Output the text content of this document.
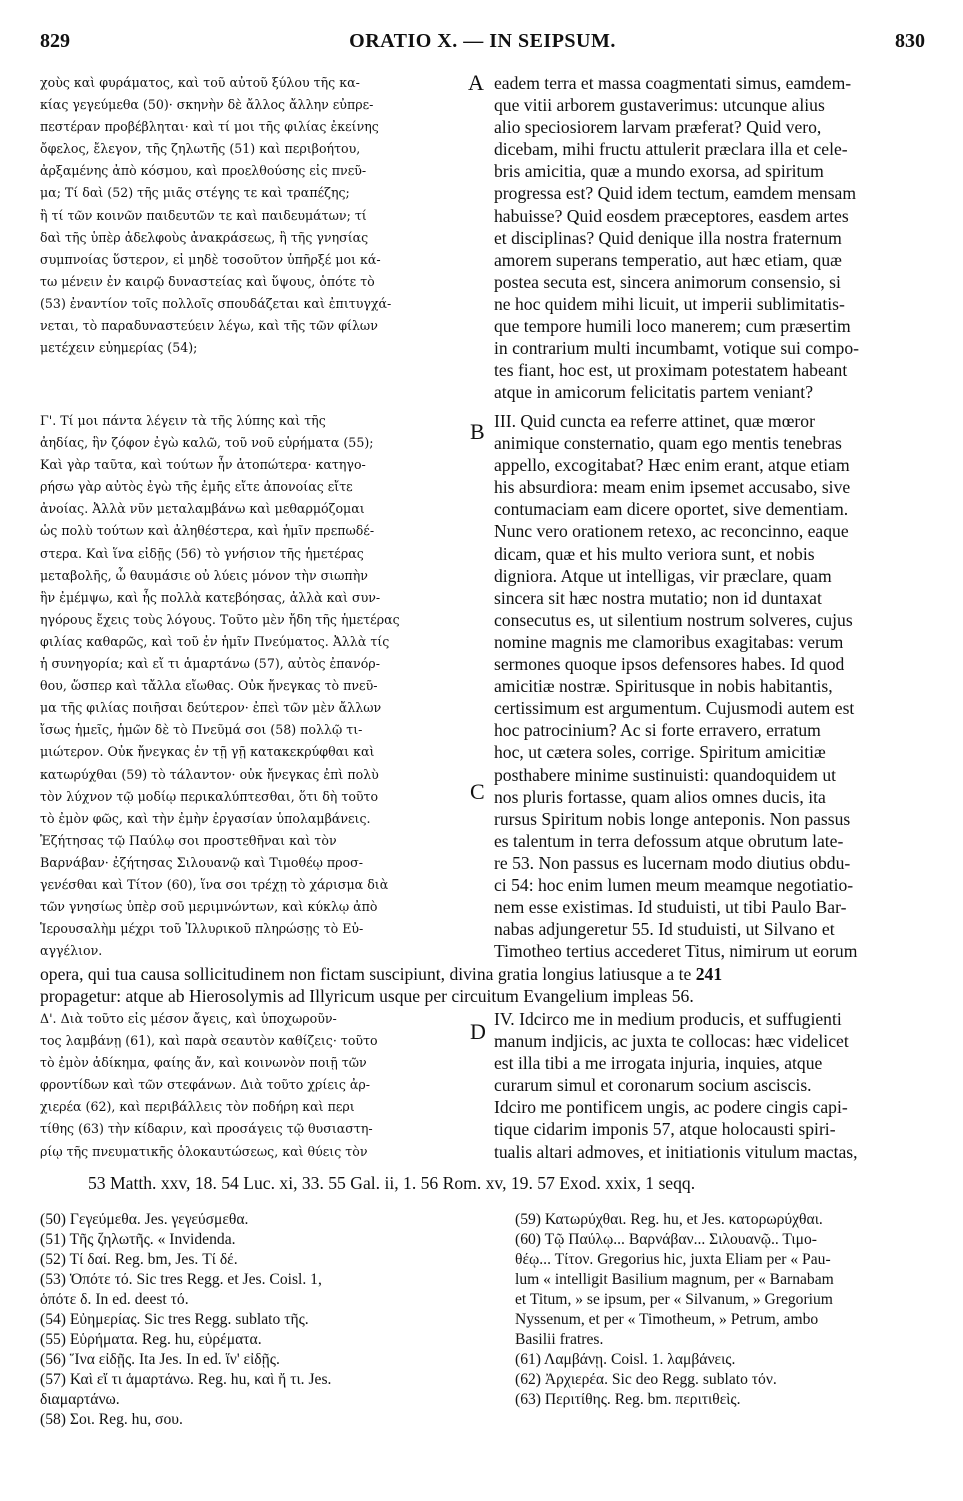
829	ORATIO X. — IN SEIPSUM.	830
χοὺς καὶ φυράματος, καὶ τοῦ αὐτοῦ ξύλου τῆς κα-
κίας γεγεύμεθα (50)· σκηνὴν δὲ ἄλλος ἄλλην εὐπρε-
πεστέραν προβέβληται· καὶ τί μοι τῆς φιλίας ἐκείνης
ὄφελος, ἔλεγον, τῆς ζηλωτῆς (51) καὶ περιβοήτου,
ἀρξαμένης ἀπὸ κόσμου, καὶ προελθούσης εἰς πνεῦ-
μα; Τί δαὶ (52) τῆς μιᾶς στέγης τε καὶ τραπέζης;
ἢ τί τῶν κοινῶν παιδευτῶν τε καὶ παιδευμάτων; τί
δαὶ τῆς ὑπὲρ ἀδελφοὺς ἀνακράσεως, ἢ τῆς γνησίας
συμπνοίας ὕστερον, εἰ μηδὲ τοσοῦτον ὑπῆρξέ μοι κά-
τω μένειν ἐν καιρῷ δυναστείας καὶ ὕψους, ὁπότε τὸ
(53) ἐναντίον τοῖς πολλοῖς σπουδάζεται καὶ ἐπιτυγχά-
νεται, τὸ παραδυναστεύειν λέγω, καὶ τῆς τῶν φίλων
μετέχειν εὐημερίας (54);
eadem terra et massa coagmentati simus, eamdem-
que vitii arborem gustaverimus: utcunque alius
alio speciosiorem larvam præferat? Quid vero,
dicebam, mihi fructu attulerit præclara illa et cele-
bris amicitia, quæ a mundo exorsa, ad spiritum
progressa est? Quid idem tectum, eamdem mensam
habuisse? Quid eosdem præceptores, easdem artes
et disciplinas? Quid denique illa nostra fraternum
amorem superans temperatio, aut hæc etiam, quæ
postea secuta est, sincera animorum consensio, si
ne hoc quidem mihi licuit, ut imperii sublimitatis-
que tempore humili loco manerem; cum præsertim
in contrarium multi incumbamt, votique sui compo-
tes fiant, hoc est, ut proximam potestatem habeant
atque in amicorum felicitatis partem veniant?
Γ'. Τί μοι πάντα λέγειν τὰ τῆς λύπης καὶ τῆς
ἀηδίας, ἣν ζόφον ἐγὼ καλῶ, τοῦ νοῦ εὑρήματα (55);
Καὶ γὰρ ταῦτα, καὶ τούτων ἦν ἀτοπώτερα· κατηγο-
ρήσω γὰρ αὐτὸς ἐγὼ τῆς ἐμῆς εἴτε ἀπονοίας εἴτε
ἀνοίας. Ἀλλὰ νῦν μεταλαμβάνω καὶ μεθαρμόζομαι
ὡς πολὺ τούτων καὶ ἀληθέστερα, καὶ ἡμῖν πρεπωδέ-
στερα. Καὶ ἵνα εἰδῇς (56) τὸ γνήσιον τῆς ἡμετέρας
μεταβολῆς, ὦ θαυμάσιε οὐ λύεις μόνον τὴν σιωπὴν
ἣν ἐμέμψω, καὶ ἧς πολλὰ κατεβόησας, ἀλλὰ καὶ συν-
ηγόρους ἔχεις τοὺς λόγους. Τοῦτο μὲν ἤδη τῆς ἡμετέρας
φιλίας καθαρῶς, καὶ τοῦ ἐν ἡμῖν Πνεύματος. Ἀλλὰ τίς
ἡ συνηγορία; καὶ εἴ τι ἁμαρτάνω (57), αὐτὸς ἐπανόρ-
θου, ὥσπερ καὶ τἄλλα εἴωθας. Οὐκ ἤνεγκας τὸ πνεῦ-
μα τῆς φιλίας ποιῆσαι δεύτερον· ἐπεὶ τῶν μὲν ἄλλων
ἴσως ἡμεῖς, ἡμῶν δὲ τὸ Πνεῦμά σοι (58) πολλῷ τι-
μιώτερον. Οὐκ ἤνεγκας ἐν τῇ γῇ κατακεκρύφθαι καὶ
κατωρύχθαι (59) τὸ τάλαντον· οὐκ ἤνεγκας ἐπὶ πολὺ
τὸν λύχνον τῷ μοδίῳ περικαλύπτεσθαι, ὅτι δὴ τοῦτο
τὸ ἐμὸν φῶς, καὶ τὴν ἐμὴν ἐργασίαν ὑπολαμβάνεις.
Ἐζήτησας τῷ Παύλῳ σοι προστεθῆναι καὶ τὸν
Βαρνάβαν· ἐζήτησας Σιλουανῷ καὶ Τιμοθέῳ προσ-
γενέσθαι καὶ Τίτον (60), ἵνα σοι τρέχῃ τὸ χάρισμα διὰ
τῶν γνησίως ὑπὲρ σοῦ μεριμνώντων, καὶ κύκλῳ ἀπὸ
Ἱερουσαλὴμ μέχρι τοῦ Ἰλλυρικοῦ πληρώσῃς τὸ Εὐ-
αγγέλιον.
III. Quid cuncta ea referre attinet, quæ mœror
animique consternatio, quam ego mentis tenebras
appello, excogitabat? Hæc enim erant, atque etiam
his absurdiora: meam enim ipsemet accusabo, sive
contumaciam eam dicere oportet, sive dementiam.
Nunc vero orationem retexo, ac reconcinno, eaque
dicam, quæ et his multo veriora sunt, et nobis
digniora. Atque ut intelligas, vir præclare, quam
sincera sit hæc nostra mutatio; non id duntaxat
consecutus es, ut silentium nostrum solveres, cujus
nomine magnis me clamoribus exagitabas: verum
sermones quoque ipsos defensores habes. Id quod
amicitiæ nostræ. Spiritusque in nobis habitantis,
certissimum est argumentum. Cujusmodi autem est
hoc patrocinium? Ac si forte erravero, erratum
hoc, ut cætera soles, corrige. Spiritum amicitiæ
posthabere minime sustinuisti: quandoquidem ut
nos pluris fortasse, quam alios omnes ducis, ita
rursus Spiritum nobis longe anteponis. Non passus
es talentum in terra defossum atque obrutum late-
re 53. Non passus es lucernam modo diutius obdu-
ci 54: hoc enim lumen meum meamque negotiatio-
nem esse existimas. Id studuisti, ut tibi Paulo Bar-
nabas adjungeretur 55. Id studuisti, ut Silvano et
Timotheo tertius accederet Titus, nimirum ut eorum
opera, qui tua causa sollicitudinem non fictam suscipiunt, divina gratia longius latiusque a te 241
propagetur: atque ab Hierosolymis ad Illyricum usque per circuitum Evangelium impleas 56.
Δ'. Διὰ τοῦτο εἰς μέσον ἄγεις, καὶ ὑποχωροῦν-
τος λαμβάνῃ (61), καὶ παρὰ σεαυτὸν καθίζεις· τοῦτο
τὸ ἐμὸν ἀδίκημα, φαίης ἄν, καὶ κοινωνὸν ποιῇ τῶν
φροντίδων καὶ τῶν στεφάνων. Διὰ τοῦτο χρίεις ἀρ-
χιερέα (62), καὶ περιβάλλεις τὸν ποδήρη καὶ περι
τίθης (63) τὴν κίδαριν, καὶ προσάγεις τῷ θυσιαστη-
ρίῳ τῆς πνευματικῆς ὁλοκαυτώσεως, καὶ θύεις τὸν
IV. Idcirco me in medium producis, et suffugienti
manum indjicis, ac juxta te collocas: hæc videlicet
est illa tibi a me irrogata injuria, inquies, atque
curarum simul et coronarum socium asciscis.
Idciro me pontificem ungis, ac podere cingis capi-
tique cidarim imponis 57, atque holocausti spiri-
tualis altari admoves, et initiationis vitulum mactas,
53 Matth. xxv, 18. 54 Luc. xi, 33. 55 Gal. ii, 1. 56 Rom. xv, 19. 57 Exod. xxix, 1 seqq.
(50) Γεγεύμεθα. Jes. γεγεύσμεθα.
(51) Τῆς ζηλωτῆς. « Invidenda.
(52) Τί δαί. Reg. bm, Jes. Τί δέ.
(53) Ὁπότε τό. Sic tres Regg. et Jes. Coisl. 1,
ὁπότε δ. In ed. deest τό.
(54) Εὐημερίας. Sic tres Regg. sublato τῆς.
(55) Εὑρήματα. Reg. hu, εὑρέματα.
(56) Ἵνα εἰδῇς. Ita Jes. In ed. ἵν' εἰδῇς.
(57) Καὶ εἴ τι ἁμαρτάνω. Reg. hu, καὶ ἤ τι. Jes.
διαμαρτάνω.
(58) Σοι. Reg. hu, σου.
(59) Κατωρύχθαι. Reg. hu, et Jes. κατορωρύχθαι.
(60) Τῷ Παύλῳ... Βαρνάβαν... Σιλουανῷ.. Τιμο-
θέῳ... Τίτον. Gregorius hic, juxta Eliam per « Pau-
lum « intelligit Basilium magnum, per « Barnabam
et Titum, » se ipsum, per « Silvanum, » Gregorium
Nyssenum, et per « Timotheum, » Petrum, ambo
Basilii fratres.
(61) Λαμβάνῃ. Coisl. 1. λαμβάνεις.
(62) Ἀρχιερέα. Sic deo Regg. sublato τόν.
(63) Περιτίθης. Reg. bm. περιτιθεὶς.
A
B
C
D
